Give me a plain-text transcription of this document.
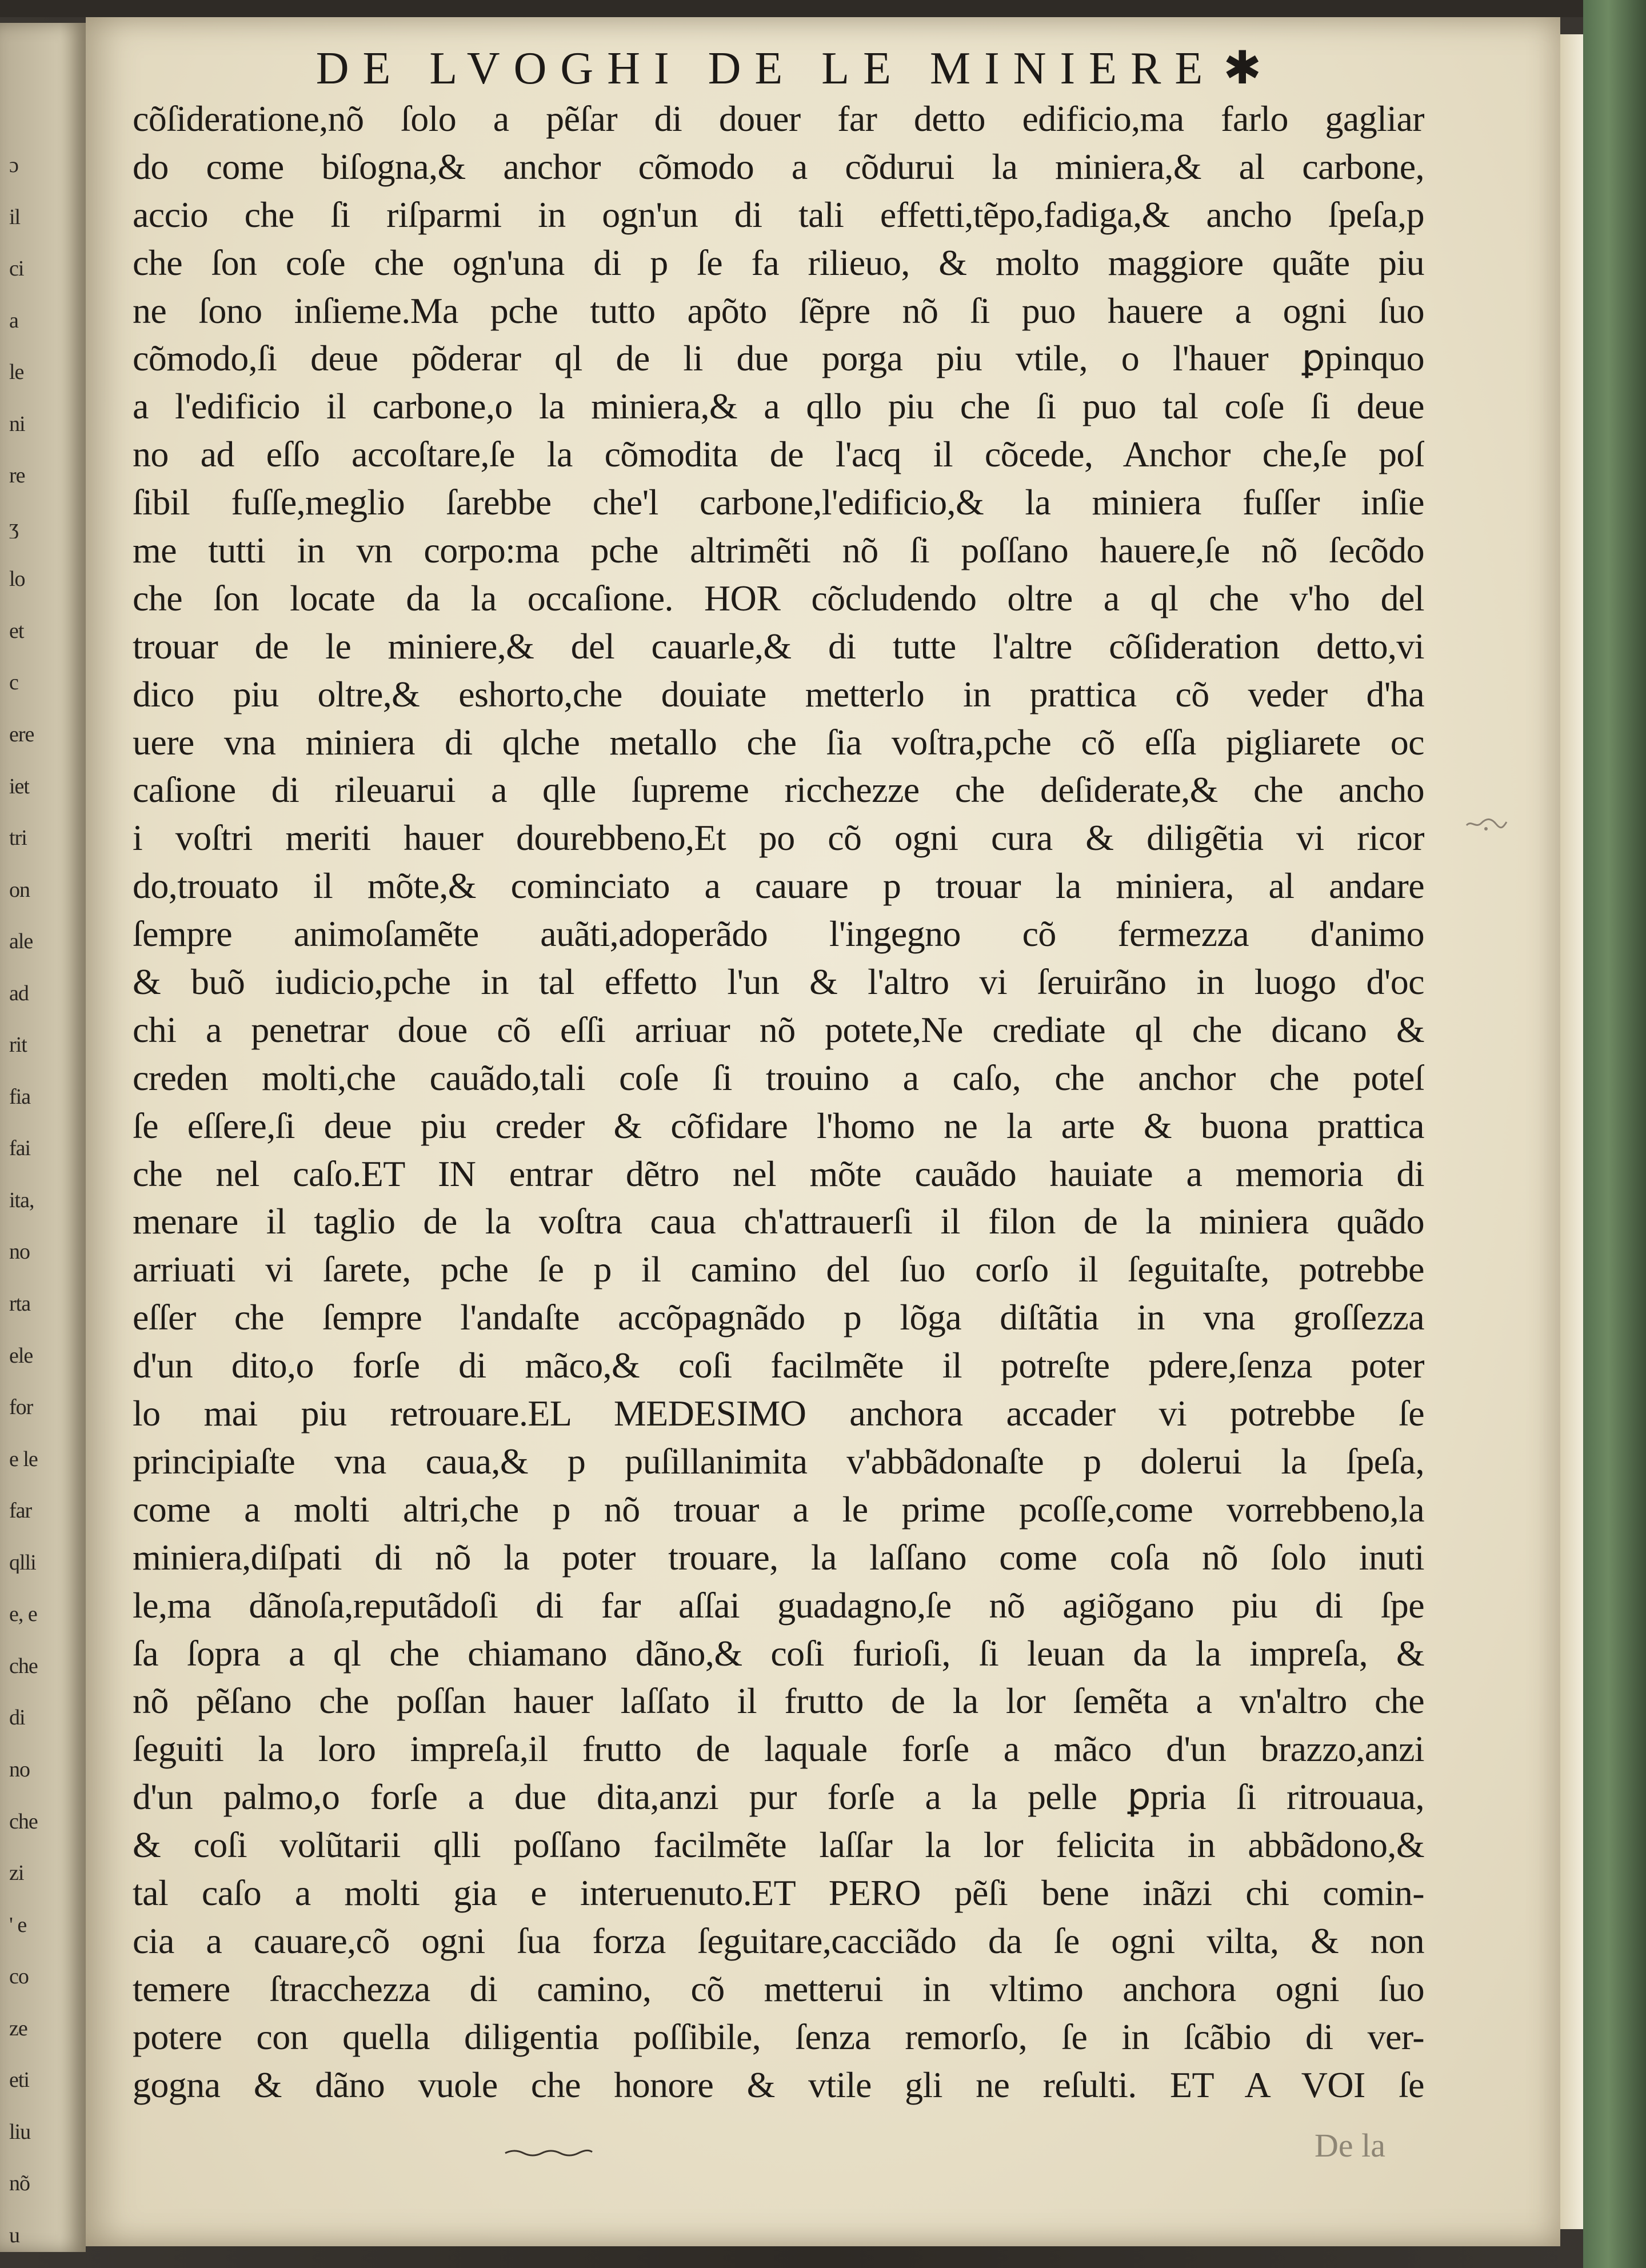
ɔ
il
ci
a
le
ni
re
ʒ
lo
et
c
ere
iet
tri
on
ale
ad
rit
fia
fai
ita,
no
rta
ele
for
e le
far
qlli
e, e
che
di
no
che
zi
' e
co
ze
eti
liu
nõ
u
DE LVOGHI DE LE MINIERE ✱
cõſideratione,nõ ſolo a pẽſar di douer far detto edificio,ma farlo gagliar
do come biſogna,& anchor cõmodo a cõdurui la miniera,& al carbone,
accio che ſi riſparmi in ogn'un di tali effetti,tẽpo,fadiga,& ancho ſpeſa,p
che ſon coſe che ogn'una di p ſe fa rilieuo, & molto maggiore quãte piu
ne ſono inſieme.Ma pche tutto apõto ſẽpre nõ ſi puo hauere a ogni ſuo
cõmodo,ſi deue põderar ql de li due porga piu vtile, o l'hauer ꝑpinquo
a l'edificio il carbone,o la miniera,& a qllo piu che ſi puo tal coſe ſi deue
no ad eſſo accoſtare,ſe la cõmodita de l'acq il cõcede, Anchor che,ſe poſ
ſibil fuſſe,meglio ſarebbe che'l carbone,l'edificio,& la miniera fuſſer inſie
me tutti in vn corpo:ma pche altrimẽti nõ ſi poſſano hauere,ſe nõ ſecõdo
che ſon locate da la occaſione. HOR cõcludendo oltre a ql che v'ho del
trouar de le miniere,& del cauarle,& di tutte l'altre cõſideration detto,vi
dico piu oltre,& eshorto,che douiate metterlo in prattica cõ veder d'ha
uere vna miniera di qlche metallo che ſia voſtra,pche cõ eſſa pigliarete oc
caſione di rileuarui a qlle ſupreme ricchezze che deſiderate,& che ancho
i voſtri meriti hauer dourebbeno,Et po cõ ogni cura & diligẽtia vi ricor
do,trouato il mõte,& cominciato a cauare p trouar la miniera, al andare
ſempre animoſamẽte auãti,adoperãdo l'ingegno cõ fermezza d'animo
& buõ iudicio,pche in tal effetto l'un & l'altro vi ſeruirãno in luogo d'oc
chi a penetrar doue cõ eſſi arriuar nõ potete,Ne crediate ql che dicano &
creden molti,che cauãdo,tali coſe ſi trouino a caſo, che anchor che poteſ
ſe eſſere,ſi deue piu creder & cõfidare l'homo ne la arte & buona prattica
che nel caſo.ET IN entrar dẽtro nel mõte cauãdo hauiate a memoria di
menare il taglio de la voſtra caua ch'attrauerſi il filon de la miniera quãdo
arriuati vi ſarete, pche ſe p il camino del ſuo corſo il ſeguitaſte, potrebbe
eſſer che ſempre l'andaſte accõpagnãdo p lõga diſtãtia in vna groſſezza
d'un dito,o forſe di mãco,& coſi facilmẽte il potreſte pdere,ſenza poter
lo mai piu retrouare.EL MEDESIMO anchora accader vi potrebbe ſe
principiaſte vna caua,& p puſillanimita v'abbãdonaſte p dolerui la ſpeſa,
come a molti altri,che p nõ trouar a le prime pcoſſe,come vorrebbeno,la
miniera,diſpati di nõ la poter trouare, la laſſano come coſa nõ ſolo inuti
le,ma dãnoſa,reputãdoſi di far aſſai guadagno,ſe nõ agiõgano piu di ſpe
ſa ſopra a ql che chiamano dãno,& coſi furioſi, ſi leuan da la impreſa, &
nõ pẽſano che poſſan hauer laſſato il frutto de la lor ſemẽta a vn'altro che
ſeguiti la loro impreſa,il frutto de laquale forſe a mãco d'un brazzo,anzi
d'un palmo,o forſe a due dita,anzi pur forſe a la pelle ꝑpria ſi ritrouaua,
& coſi volũtarii qlli poſſano facilmẽte laſſar la lor felicita in abbãdono,&
tal caſo a molti gia e interuenuto.ET PERO pẽſi bene inãzi chi comin-
cia a cauare,cõ ogni ſua forza ſeguitare,cacciãdo da ſe ogni vilta, & non
temere ſtracchezza di camino, cõ metterui in vltimo anchora ogni ſuo
potere con quella diligentia poſſibile, ſenza remorſo, ſe in ſcãbio di ver-
gogna & dãno vuole che honore & vtile gli ne reſulti. ET A VOI ſe
De la
